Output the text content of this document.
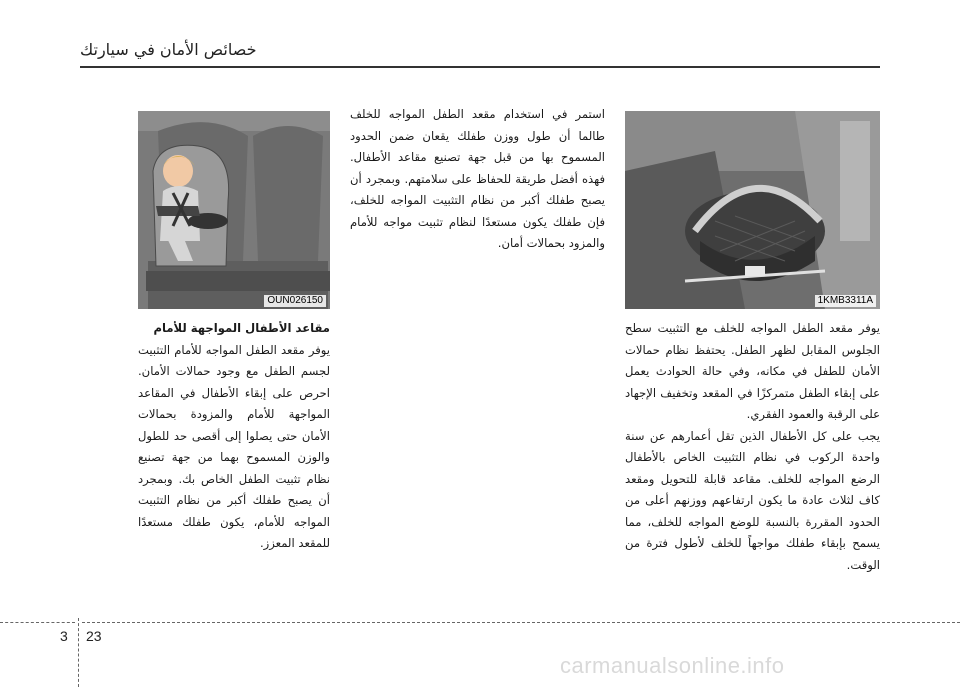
خصائص الأمان في سيارتك
1KMB3311A
OUN026150

يوفر مقعد الطفل المواجه للخلف مع التثبيت سطح الجلوس المقابل لظهر الطفل. يحتفظ نظام حمالات الأمان للطفل في مكانه، وفي حالة الحوادث يعمل على إبقاء الطفل متمركزًا في المقعد وتخفيف الإجهاد على الرقبة والعمود الفقري.

يجب على كل الأطفال الذين تقل أعمارهم عن سنة واحدة الركوب في نظام التثبيت الخاص بالأطفال الرضع المواجه للخلف. مقاعد قابلة للتحويل ومقعد كاف لثلاث عادة ما يكون ارتفاعهم ووزنهم أعلى من الحدود المقررة بالنسبة للوضع المواجه للخلف، مما يسمح بإبقاء طفلك مواجهاً للخلف لأطول فترة من الوقت.

استمر في استخدام مقعد الطفل المواجه للخلف طالما أن طول ووزن طفلك يقعان ضمن الحدود المسموح بها من قبل جهة تصنيع مقاعد الأطفال. فهذه أفضل طريقة للحفاظ على سلامتهم. وبمجرد أن يصبح طفلك أكبر من نظام التثبيت المواجه للخلف، فإن طفلك يكون مستعدًا لنظام تثبيت مواجه للأمام والمزود بحمالات أمان.

مقاعد الأطفال المواجهة للأمام

يوفر مقعد الطفل المواجه للأمام التثبيت لجسم الطفل مع وجود حمالات الأمان. احرص على إبقاء الأطفال في المقاعد المواجهة للأمام والمزودة بحمالات الأمان حتى يصلوا إلى أقصى حد للطول والوزن المسموح بهما من جهة تصنيع نظام تثبيت الطفل الخاص بك. وبمجرد أن يصبح طفلك أكبر من نظام التثبيت المواجه للأمام، يكون طفلك مستعدًا للمقعد المعزز.

3 23
carmanualsonline.info
